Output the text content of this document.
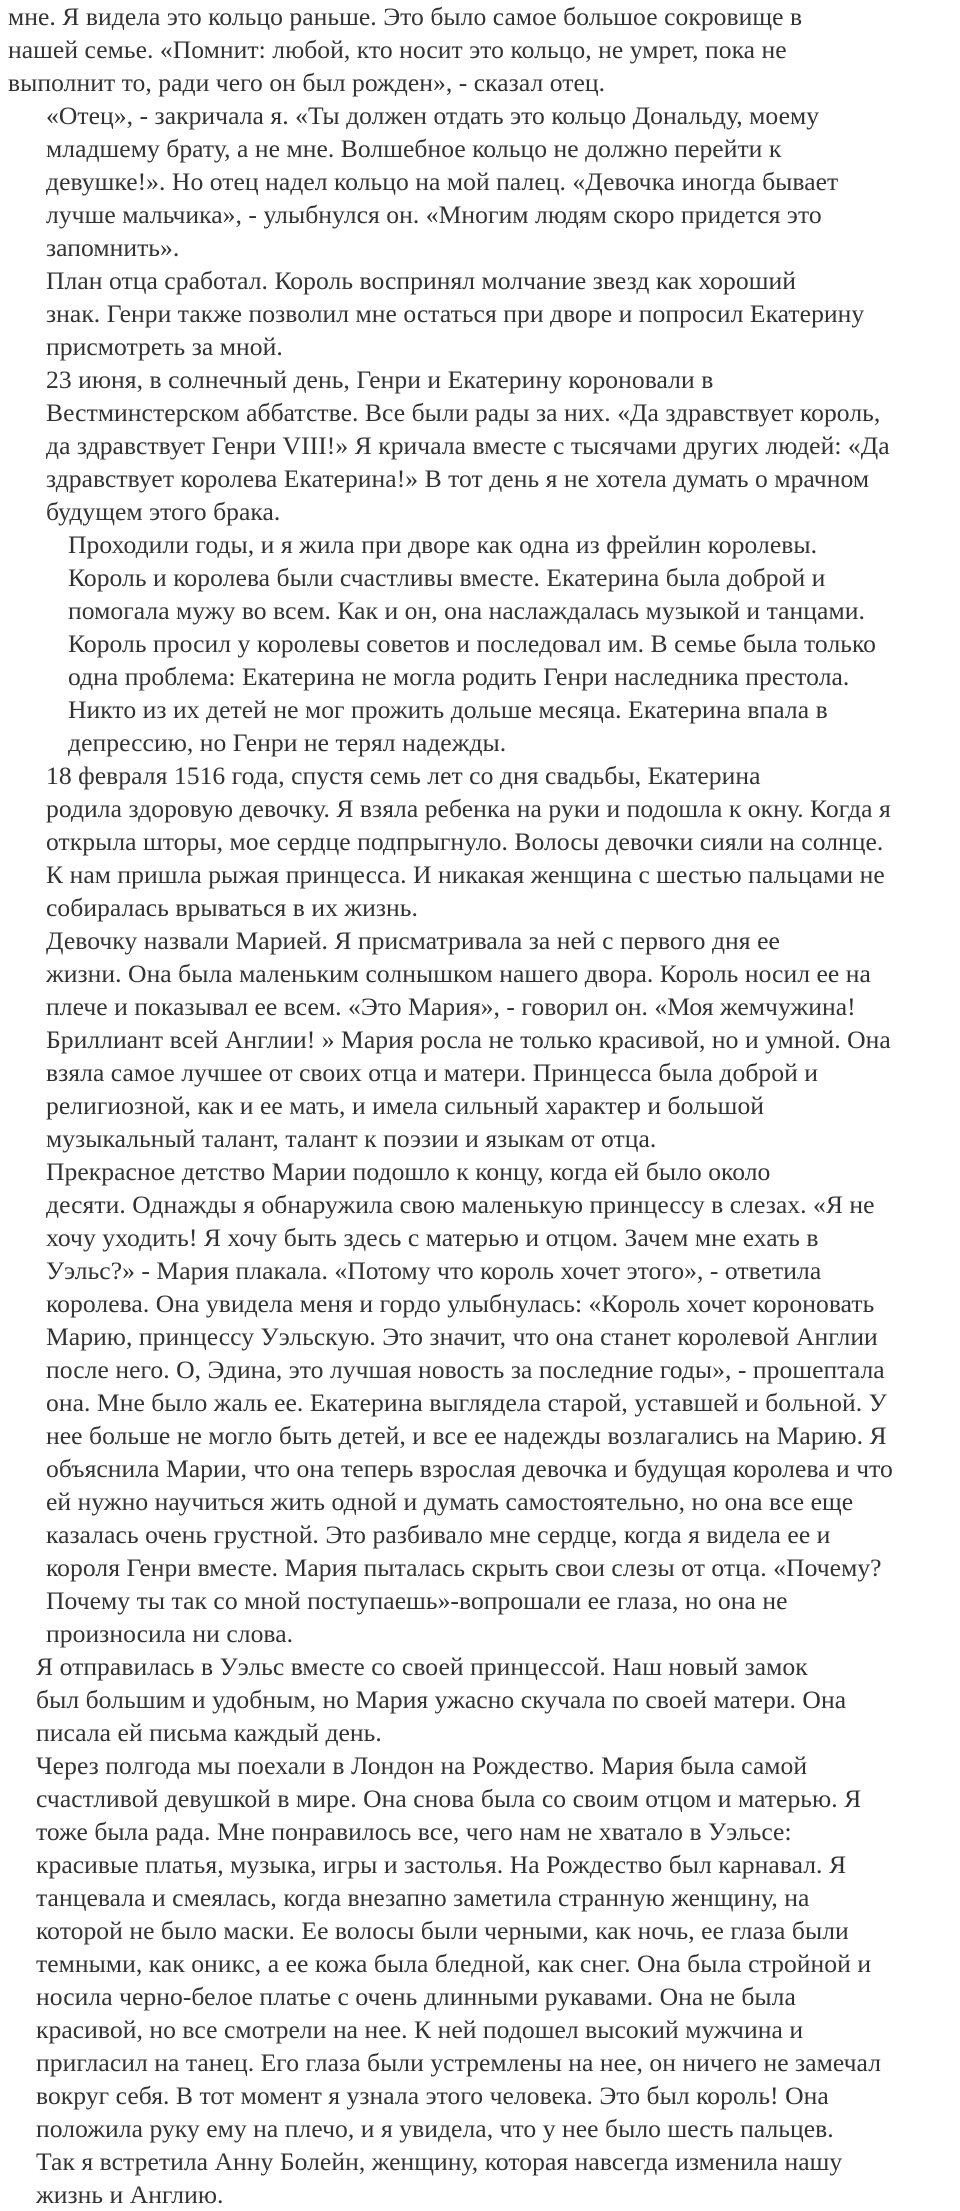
мне. Я видела это кольцо раньше. Это было самое большое сокровище в
нашей семье. «Помнит: любой, кто носит это кольцо, не умрет, пока не
выполнит то, ради чего он был рожден», - сказал отец.

«Отец», - закричала я. «Ты должен отдать это кольцо Дональду, моему
младшему брату, а не мне. Волшебное кольцо не должно перейти к
девушке!». Но отец надел кольцо на мой палец. «Девочка иногда бывает
лучше мальчика», - улыбнулся он. «Многим людям скоро придется это
запомнить».

План отца сработал. Король воспринял молчание звезд как хороший
знак. Генри также позволил мне остаться при дворе и попросил Екатерину
присмотреть за мной.

23 июня, в солнечный день, Генри и Екатерину короновали в
Вестминстерском аббатстве. Все были рады за них. «Да здравствует король,
да здравствует Генри VIII!» Я кричала вместе с тысячами других людей: «Да
здравствует королева Екатерина!» В тот день я не хотела думать о мрачном
будущем этого брака.

Проходили годы, и я жила при дворе как одна из фрейлин королевы.
Король и королева были счастливы вместе. Екатерина была доброй и
помогала мужу во всем. Как и он, она наслаждалась музыкой и танцами.
Король просил у королевы советов и последовал им. В семье была только
одна проблема: Екатерина не могла родить Генри наследника престола.
Никто из их детей не мог прожить дольше месяца. Екатерина впала в
депрессию, но Генри не терял надежды.

18 февраля 1516 года, спустя семь лет со дня свадьбы, Екатерина
родила здоровую девочку. Я взяла ребенка на руки и подошла к окну. Когда я
открыла шторы, мое сердце подпрыгнуло. Волосы девочки сияли на солнце.
К нам пришла рыжая принцесса. И никакая женщина с шестью пальцами не
собиралась врываться в их жизнь.

Девочку назвали Марией. Я присматривала за ней с первого дня ее
жизни. Она была маленьким солнышком нашего двора. Король носил ее на
плече и показывал ее всем. «Это Мария», - говорил он. «Моя жемчужина!
Бриллиант всей Англии! » Мария росла не только красивой, но и умной. Она
взяла самое лучшее от своих отца и матери. Принцесса была доброй и
религиозной, как и ее мать, и имела сильный характер и большой
музыкальный талант, талант к поэзии и языкам от отца.

Прекрасное детство Марии подошло к концу, когда ей было около
десяти. Однажды я обнаружила свою маленькую принцессу в слезах. «Я не
хочу уходить! Я хочу быть здесь с матерью и отцом. Зачем мне ехать в
Уэльс?» - Мария плакала. «Потому что король хочет этого», - ответила
королева. Она увидела меня и гордо улыбнулась: «Король хочет короновать
Марию, принцессу Уэльскую. Это значит, что она станет королевой Англии
после него. О, Эдина, это лучшая новость за последние годы», - прошептала
она. Мне было жаль ее. Екатерина выглядела старой, уставшей и больной. У
нее больше не могло быть детей, и все ее надежды возлагались на Марию. Я
объяснила Марии, что она теперь взрослая девочка и будущая королева и что
ей нужно научиться жить одной и думать самостоятельно, но она все еще
казалась очень грустной. Это разбивало мне сердце, когда я видела ее и
короля Генри вместе. Мария пыталась скрыть свои слезы от отца. «Почему?
Почему ты так со мной поступаешь»-вопрошали ее глаза, но она не
произносила ни слова.

Я отправилась в Уэльс вместе со своей принцессой. Наш новый замок
был большим и удобным, но Мария ужасно скучала по своей матери. Она
писала ей письма каждый день.

Через полгода мы поехали в Лондон на Рождество. Мария была самой
счастливой девушкой в мире. Она снова была со своим отцом и матерью. Я
тоже была рада. Мне понравилось все, чего нам не хватало в Уэльсе:
красивые платья, музыка, игры и застолья. На Рождество был карнавал. Я
танцевала и смеялась, когда внезапно заметила странную женщину, на
которой не было маски. Ее волосы были черными, как ночь, ее глаза были
темными, как оникс, а ее кожа была бледной, как снег. Она была стройной и
носила черно-белое платье с очень длинными рукавами. Она не была
красивой, но все смотрели на нее. К ней подошел высокий мужчина и
пригласил на танец. Его глаза были устремлены на нее, он ничего не замечал
вокруг себя. В тот момент я узнала этого человека. Это был король! Она
положила руку ему на плечо, и я увидела, что у нее было шесть пальцев.

Так я встретила Анну Болейн, женщину, которая навсегда изменила нашу
жизнь и Англию.
